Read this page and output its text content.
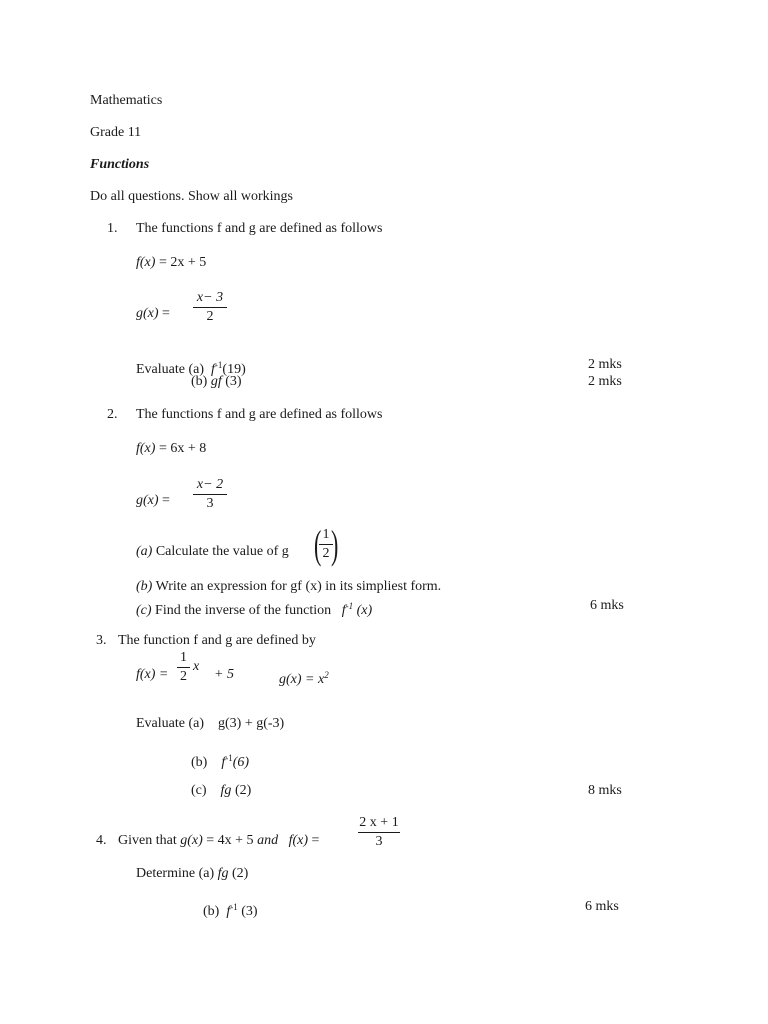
Mathematics
Grade 11
Functions
Do all questions. Show all workings
1. The functions f and g are defined as follows
f(x) = 2x + 5
g(x) =
x− 3
2
Evaluate (a) $f^{-1}(19)$
(b) gf (3)
2 mks
2 mks
2. The functions f and g are defined as follows
f(x) = 6x + 8
g(x) =
x− 2
3
(a) Calculate the value of g ( 1
2 )
(b) Write an expression for gf (x) in its simpliest form.
(c) Find the inverse of the function $f^{-1}$ (x)	6 mks
3. The function f and g are defined by
f(x) =
1
2
x
+ 5	$g(x) = x^2$
Evaluate (a) g(3) + g(-3)
(b) $f^{-1}(6)$
(c) fg (2)	8 mks
4. Given that g(x) = 4x + 5 and f(x) =
2 x + 1
3
Determine (a) fg (2)
(b) $f^{-1}$ (3)	6 mks
